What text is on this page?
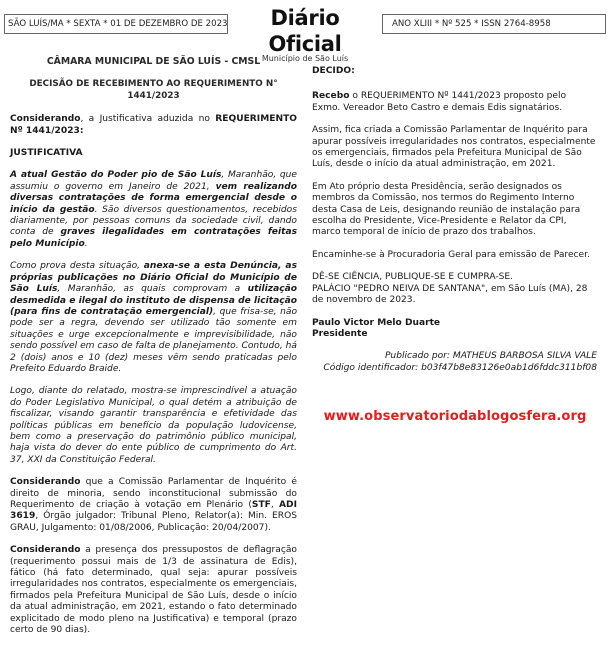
SÃO LUÍS/MA * SEXTA * 01 DE DEZEMBRO DE 2023	Diário Oficial
Município de São Luís
ANO XLIII * Nº 525 * ISSN 2764-8958

CÂMARA MUNICIPAL DE SÃO LUÍS - CMSL

DECISÃO DE RECEBIMENTO AO REQUERIMENTO N° 1441/2023

Considerando, a Justificativa aduzida no REQUERIMENTO Nº 1441/2023:

JUSTIFICATIVA

A atual Gestão do Poder pio de São Luís, Maranhão, que assumiu o governo em Janeiro de 2021, vem realizando diversas contratações de forma emergencial desde o início da gestão. São diversos questionamentos, recebidos diariamente, por pessoas comuns da sociedade civil, dando conta de graves ilegalidades em contratações feitas pelo Município.

Como prova desta situação, anexa-se a esta Denúncia, as próprias publicações no Diário Oficial do Município de São Luís, Maranhão, as quais comprovam a utilização desmedida e ilegal do instituto de dispensa de licitação (para fins de contratação emergencial), que frisa-se, não pode ser a regra, devendo ser utilizado tão somente em situações e urge excepcionalmente e imprevisibilidade, não sendo possível em caso de falta de planejamento. Contudo, há 2 (dois) anos e 10 (dez) meses vêm sendo praticadas pelo Prefeito Eduardo Braide.

Logo, diante do relatado, mostra-se imprescindível a atuação do Poder Legislativo Municipal, o qual detém a atribuição de fiscalizar, visando garantir transparência e efetividade das políticas públicas em benefício da população ludovicense, bem como a preservação do patrimônio público municipal, haja vista do dever do ente público de cumprimento do Art. 37, XXI da Constituição Federal.

Considerando que a Comissão Parlamentar de Inquérito é direito de minoria, sendo inconstitucional submissão do Requerimento de criação à votação em Plenário (STF, ADI 3619, Órgão julgador: Tribunal Pleno, Relator(a): Min. EROS GRAU, Julgamento: 01/08/2006, Publicação: 20/04/2007).

Considerando a presença dos pressupostos de deflagração (requerimento possui mais de 1/3 de assinatura de Edis), fático (há fato determinado, qual seja: apurar possíveis irregularidades nos contratos, especialmente os emergenciais, firmados pela Prefeitura Municipal de São Luís, desde o início da atual administração, em 2021, estando o fato determinado explicitado de modo pleno na Justificativa) e temporal (prazo certo de 90 dias).

DECIDO:

Recebo o REQUERIMENTO Nº 1441/2023 proposto pelo Exmo. Vereador Beto Castro e demais Edis signatários.

Assim, fica criada a Comissão Parlamentar de Inquérito para apurar possíveis irregularidades nos contratos, especialmente os emergenciais, firmados pela Prefeitura Municipal de São Luís, desde o início da atual administração, em 2021.

Em Ato próprio desta Presidência, serão designados os membros da Comissão, nos termos do Regimento Interno desta Casa de Leis, designando reunião de instalação para escolha do Presidente, Vice-Presidente e Relator da CPI, marco temporal de início de prazo dos trabalhos.

Encaminhe-se à Procuradoria Geral para emissão de Parecer.

DÊ-SE CIÊNCIA, PUBLIQUE-SE E CUMPRA-SE.

PALÁCIO "PEDRO NEIVA DE SANTANA", em São Luís (MA), 28 de novembro de 2023.

Paulo Victor Melo Duarte

Presidente

Publicado por: MATHEUS BARBOSA SILVA VALE

Código identificador: b03f47b8e83126e0ab1d6fddc311bf08

www.observatoriodablogosfera.org
